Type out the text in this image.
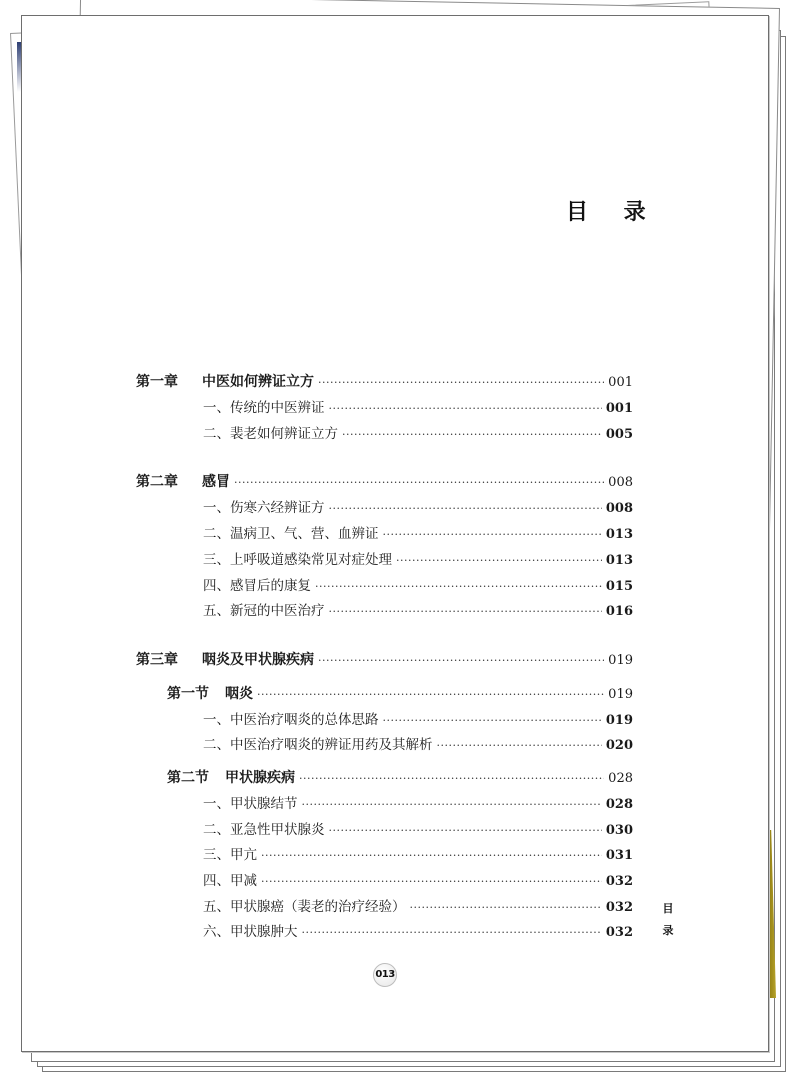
目 录
第一章 中医如何辨证立方 ·····	001
一、传统的中医辨证 ·····	001
二、裴老如何辨证立方 ·····	005
第二章 感冒 ·····	008
一、伤寒六经辨证方 ·····	008
二、温病卫、气、营、血辨证 ·····	013
三、上呼吸道感染常见对症处理 ·····	013
四、感冒后的康复 ·····	015
五、新冠的中医治疗 ·····	016
第三章 咽炎及甲状腺疾病 ·····	019
第一节 咽炎 ·····	019
一、中医治疗咽炎的总体思路 ·····	019
二、中医治疗咽炎的辨证用药及其解析 ·····	020
第二节 甲状腺疾病 ·····	028
一、甲状腺结节 ·····	028
二、亚急性甲状腺炎 ·····	030
三、甲亢 ·····	031
四、甲减 ·····	032
五、甲状腺癌（裴老的治疗经验） ·····	032
六、甲状腺肿大 ·····	032
目
录
013
